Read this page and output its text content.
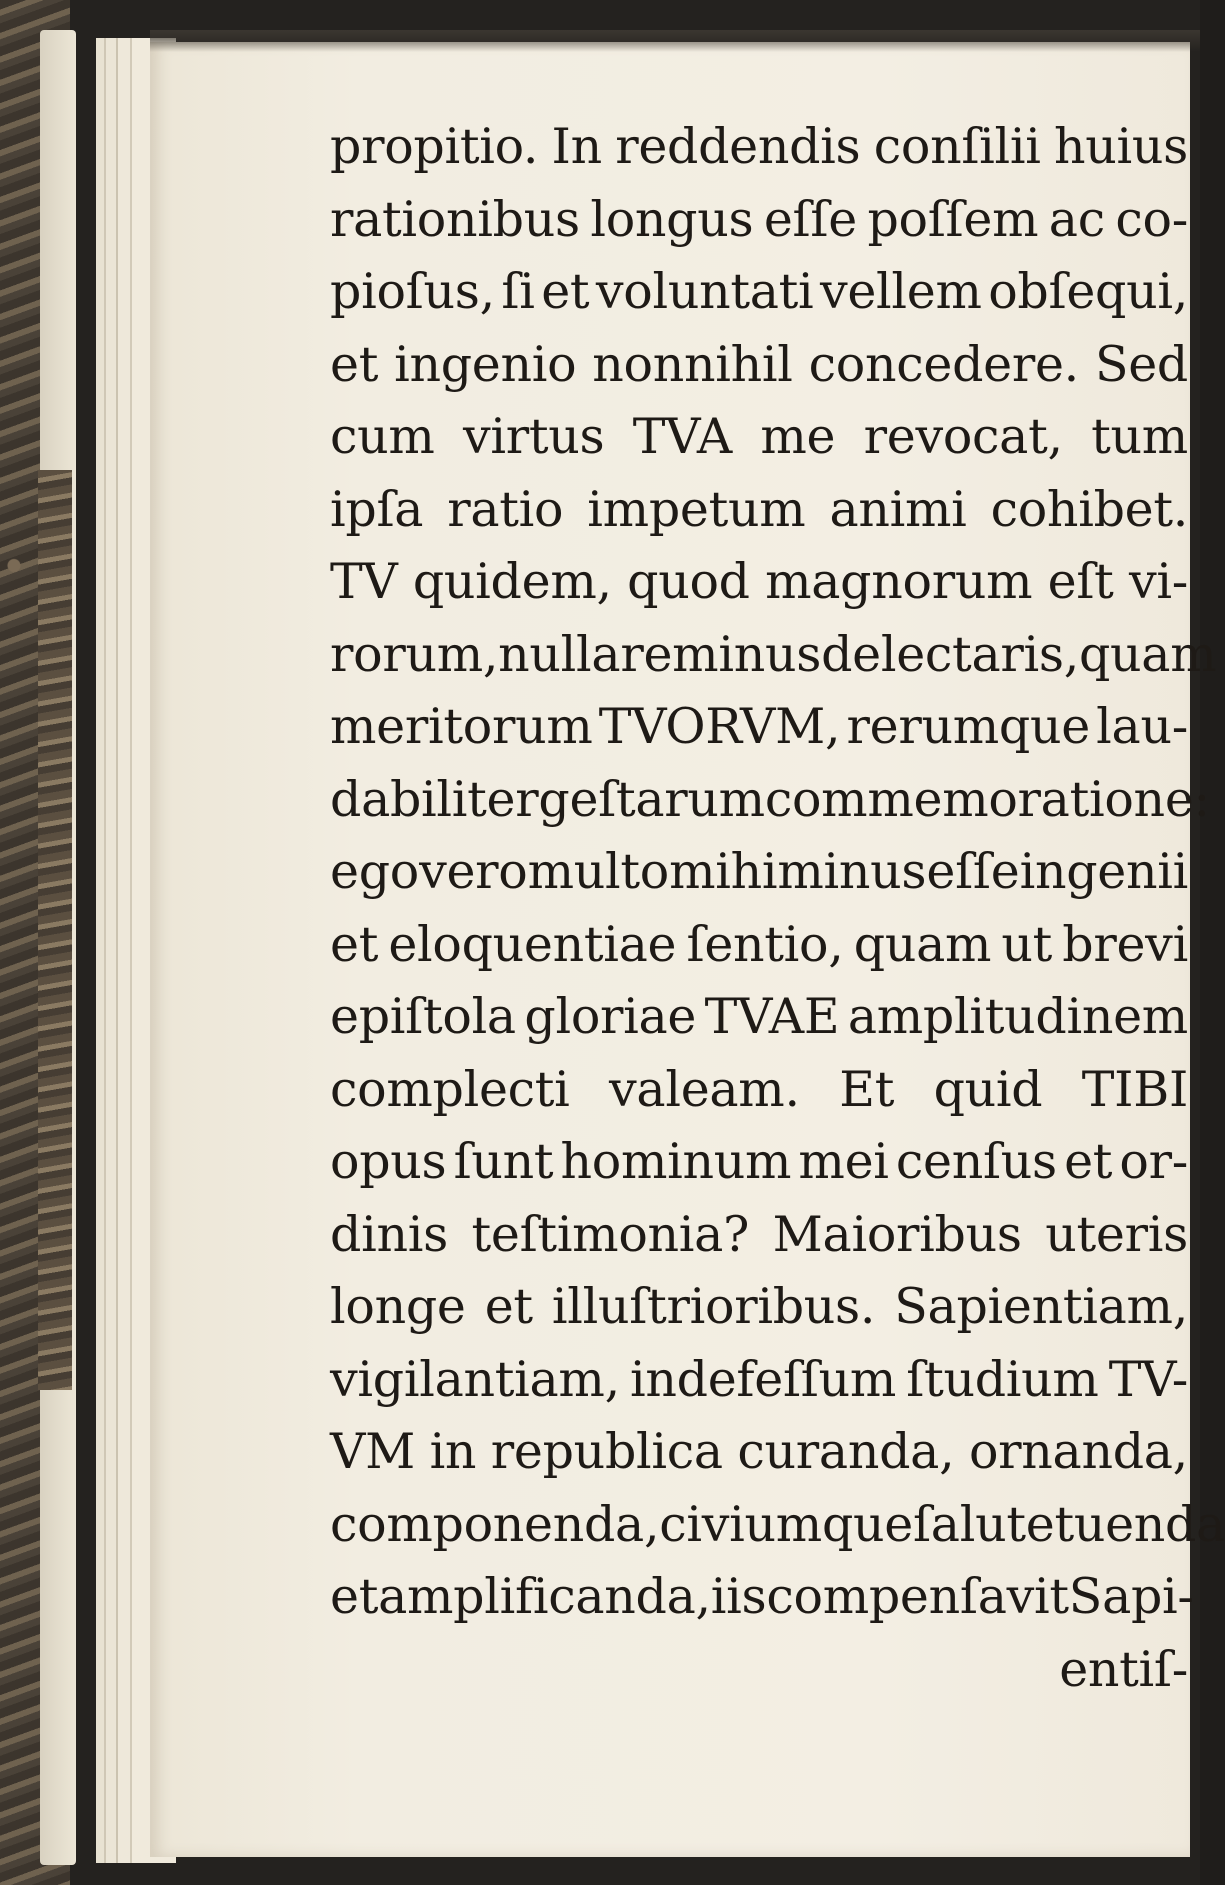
propitio. In reddendis conſilii huius
rationibus longus eſſe poſſem ac co-
pioſus, ſi et voluntati vellem obſequi,
et ingenio nonnihil concedere. Sed
cum virtus TVA me revocat, tum
ipſa ratio impetum animi cohibet.
TV quidem, quod magnorum eſt vi-
rorum, nulla re minus delectaris, quam
meritorum TVORVM, rerumque lau-
dabiliter geſtarum commemoratione:
ego vero multo mihi minus eſſe ingenii
et eloquentiae ſentio, quam ut brevi
epiſtola gloriae TVAE amplitudinem
complecti valeam. Et quid TIBI
opus ſunt hominum mei cenſus et or-
dinis teſtimonia? Maioribus uteris
longe et illuſtrioribus. Sapientiam,
vigilantiam, indefeſſum ſtudium TV-
VM in republica curanda, ornanda,
componenda, civiumque ſalute tuenda
et amplificanda, iis compenſavit Sapi-
entiſ-
